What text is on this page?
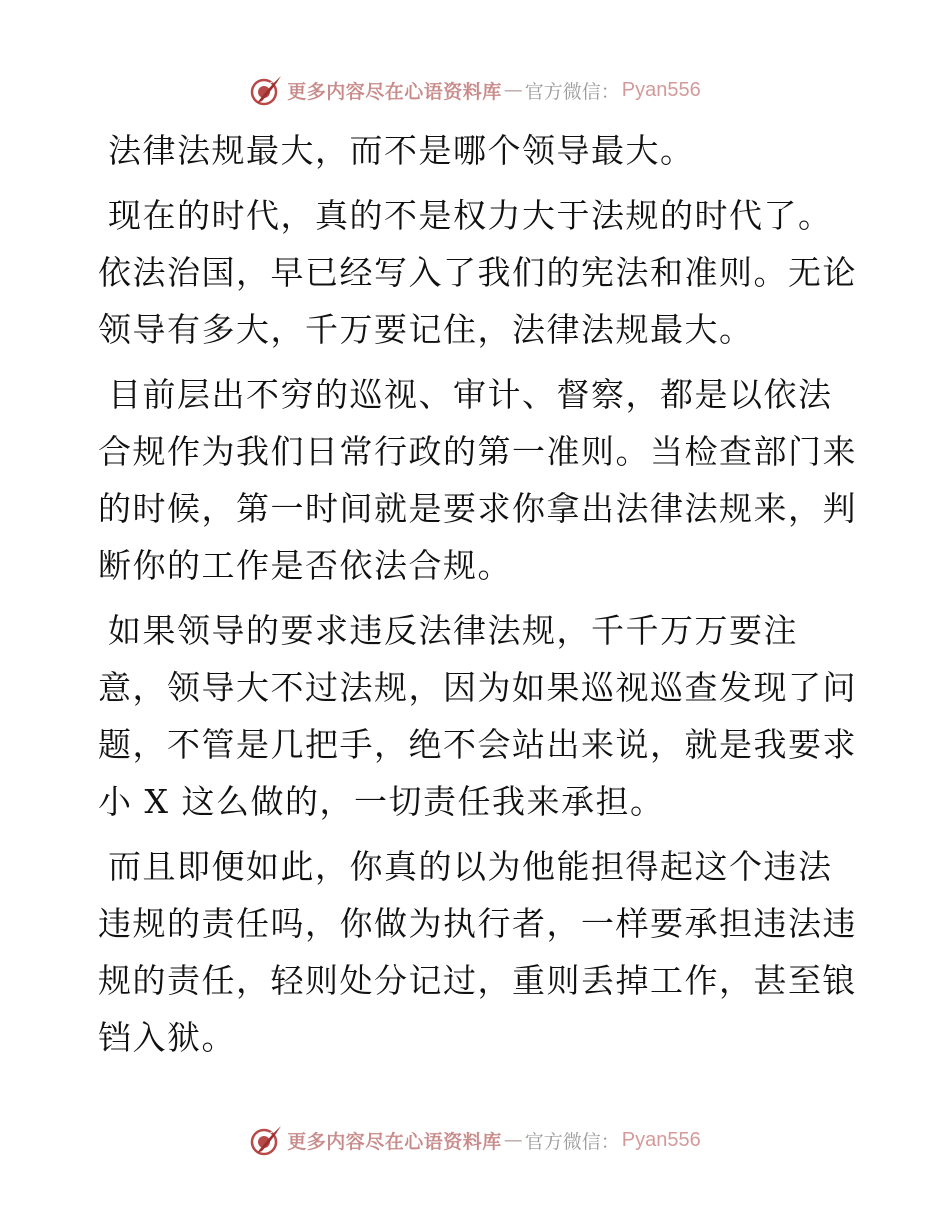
更多内容尽在心语资料库 — 官方微信： Pyan556
法律法规最大，而不是哪个领导最大。
现在的时代，真的不是权力大于法规的时代了。
依法治国，早已经写入了我们的宪法和准则。无论
领导有多大，千万要记住，法律法规最大。
目前层出不穷的巡视、审计、督察，都是以依法
合规作为我们日常行政的第一准则。当检查部门来
的时候，第一时间就是要求你拿出法律法规来，判
断你的工作是否依法合规。
如果领导的要求违反法律法规，千千万万要注
意，领导大不过法规，因为如果巡视巡查发现了问
题，不管是几把手，绝不会站出来说，就是我要求
小 X 这么做的，一切责任我来承担。
而且即便如此，你真的以为他能担得起这个违法
违规的责任吗，你做为执行者，一样要承担违法违
规的责任，轻则处分记过，重则丢掉工作，甚至锒
铛入狱。
更多内容尽在心语资料库 — 官方微信： Pyan556
